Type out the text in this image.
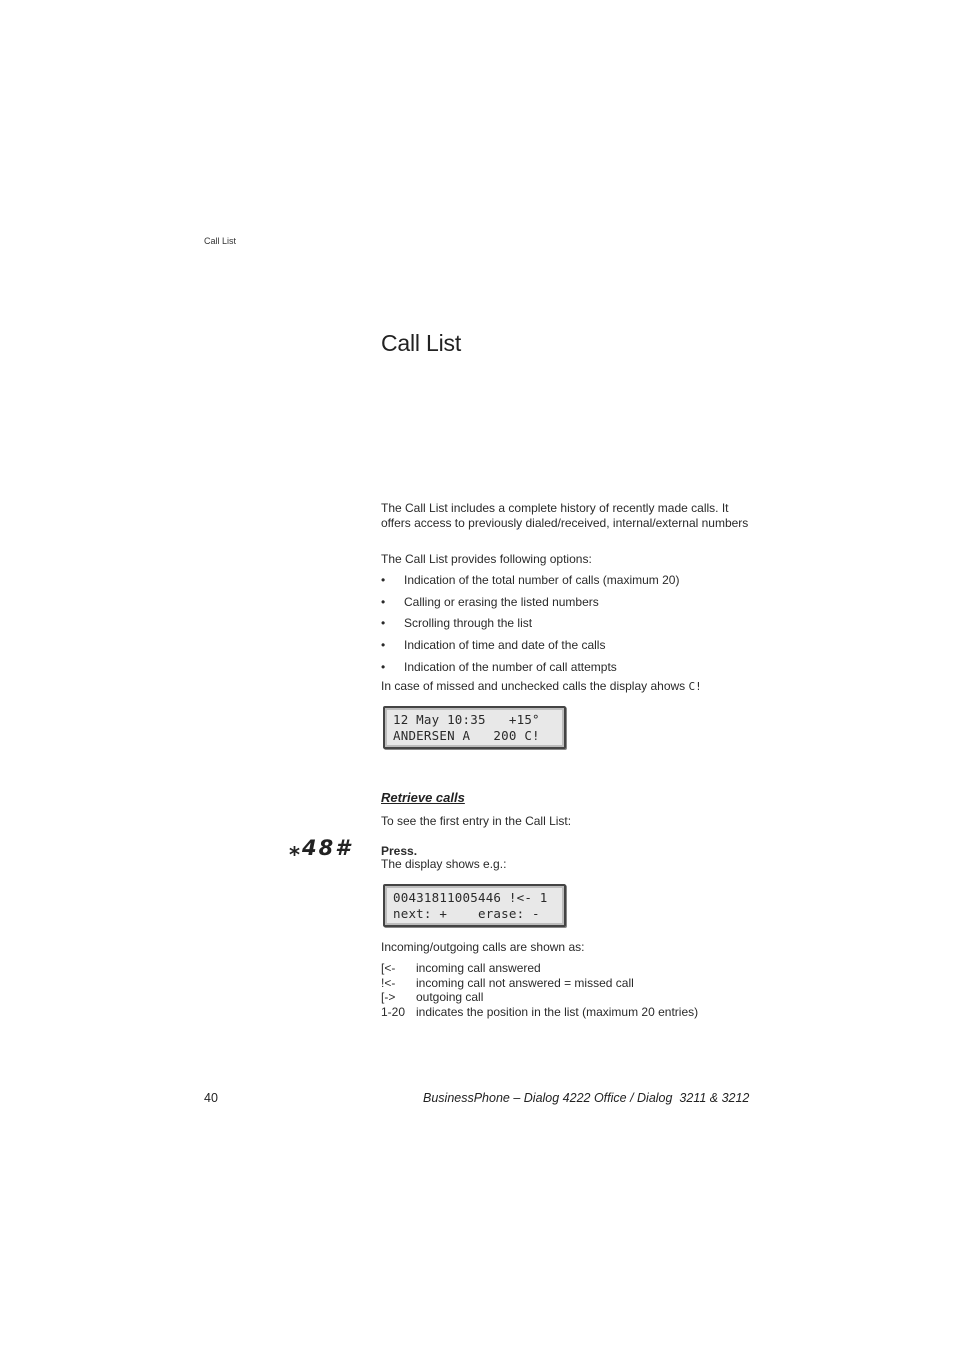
Call List
Call List
The Call List includes a complete history of recently made calls. It offers access to previously dialed/received, internal/external numbers
The Call List provides following options:
• Indication of the total number of calls (maximum 20)
• Calling or erasing the listed numbers
• Scrolling through the list
• Indication of time and date of the calls
• Indication of the number of call attempts
In case of missed and unchecked calls the display ahows C!
12 May 10:35   +15°
ANDERSEN A   200 C!
Retrieve calls
To see the first entry in the Call List:
⁎48# Press.
The display shows e.g.:
00431811005446 !<- 1
next: +    erase: -
Incoming/outgoing calls are shown as:
[<-	incoming call answered
!<-	incoming call not answered = missed call
[->	outgoing call
1-20 indicates the position in the list (maximum 20 entries)
40	BusinessPhone – Dialog 4222 Office / Dialog  3211 & 3212
